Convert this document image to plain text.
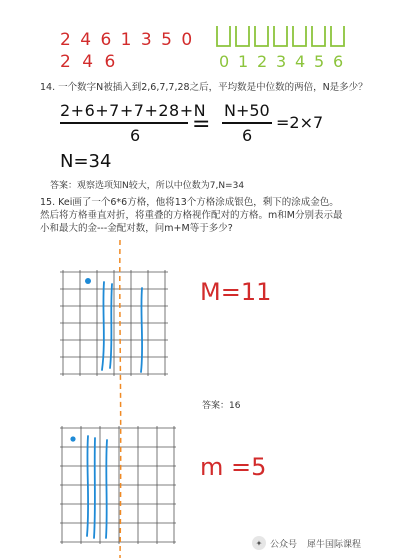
2 4 6 1 3 5 0
2 4 6	0 1 2 3 4 5 6
14. 一个数字N被插入到2,6,7,7,28之后，平均数是中位数的两倍，N是多少？
2+6+7+7+28+N
6 =
N+50
6
=2×7
N=34
答案：观察选项知N较大，所以中位数为7,N=34
15. Kei画了一个6*6方格，他将13个方格涂成银色，剩下的涂成金色。
然后将方格垂直对折，将重叠的方格视作配对的方格。m和M分别表示最
小和最大的金---金配对数，问m+M等于多少?
M=11
答案：16
m =5
✦ 公众号 犀牛国际课程
